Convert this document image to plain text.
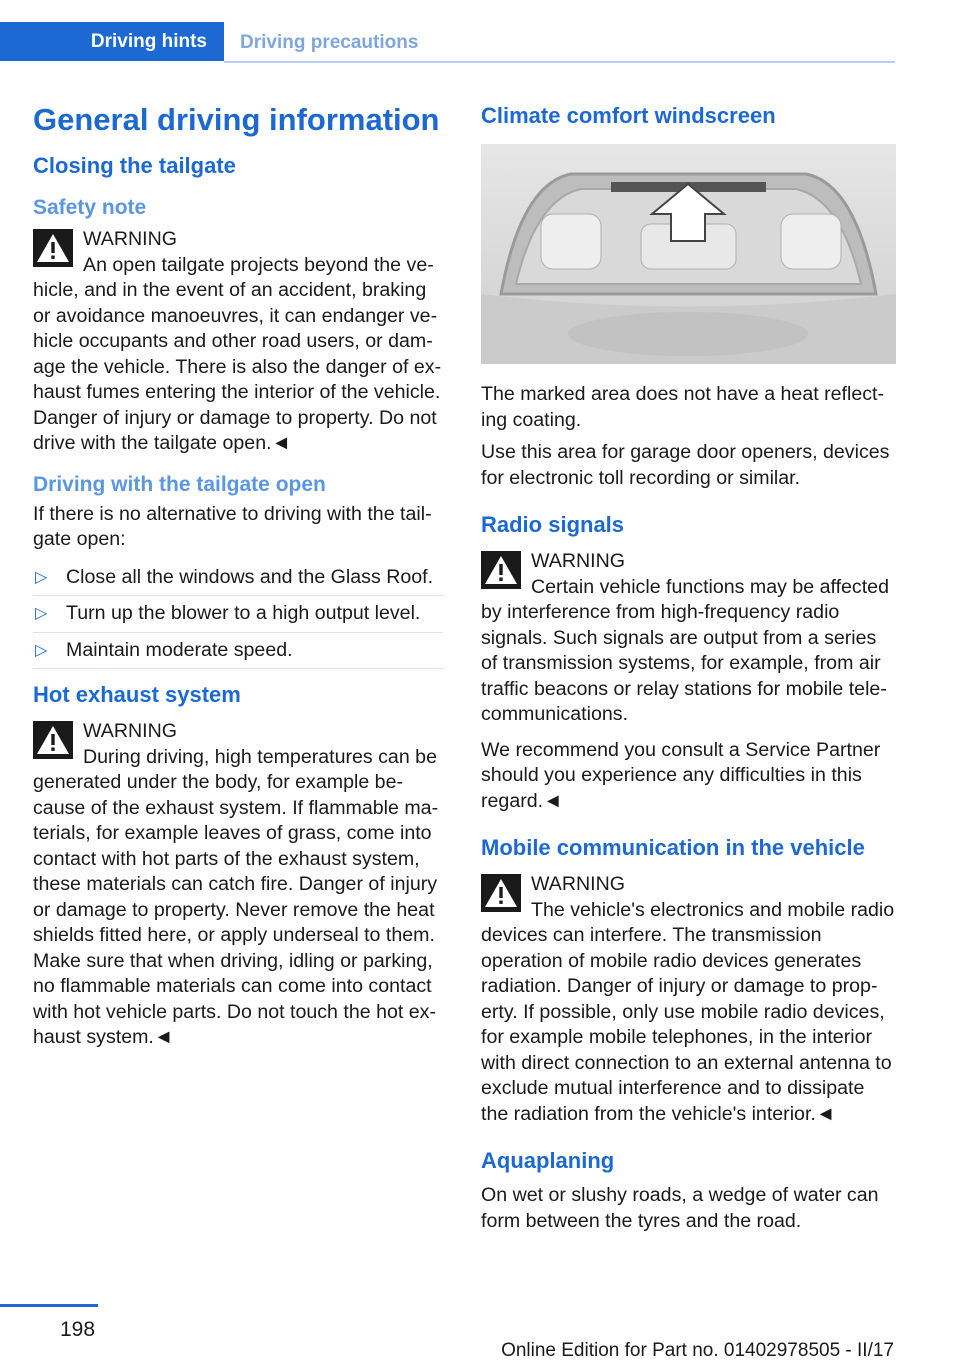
Driving hints	Driving precautions
General driving information
Closing the tailgate
Safety note
WARNING
An open tailgate projects beyond the vehicle, and in the event of an accident, braking or avoidance manoeuvres, it can endanger vehicle occupants and other road users, or damage the vehicle. There is also the danger of exhaust fumes entering the interior of the vehicle. Danger of injury or damage to property. Do not drive with the tailgate open.◄
Driving with the tailgate open

If there is no alternative to driving with the tailgate open:

▷ Close all the windows and the Glass Roof.
▷ Turn up the blower to a high output level.
▷ Maintain moderate speed.
Hot exhaust system
WARNING
During driving, high temperatures can be generated under the body, for example because of the exhaust system. If flammable materials, for example leaves of grass, come into contact with hot parts of the exhaust system, these materials can catch fire. Danger of injury or damage to property. Never remove the heat shields fitted here, or apply underseal to them. Make sure that when driving, idling or parking, no flammable materials can come into contact with hot vehicle parts. Do not touch the hot exhaust system.◄
Climate comfort windscreen

The marked area does not have a heat reflecting coating.

Use this area for garage door openers, devices for electronic toll recording or similar.

Radio signals
WARNING
Certain vehicle functions may be affected by interference from high-frequency radio signals. Such signals are output from a series of transmission systems, for example, from air traffic beacons or relay stations for mobile telecommunications.

We recommend you consult a Service Partner should you experience any difficulties in this regard.◄

Mobile communication in the vehicle
WARNING
The vehicle's electronics and mobile radio devices can interfere. The transmission operation of mobile radio devices generates radiation. Danger of injury or damage to property. If possible, only use mobile radio devices, for example mobile telephones, in the interior with direct connection to an external antenna to exclude mutual interference and to dissipate the radiation from the vehicle's interior.◄
Aquaplaning

On wet or slushy roads, a wedge of water can form between the tyres and the road.

198
Online Edition for Part no. 01402978505 - II/17
